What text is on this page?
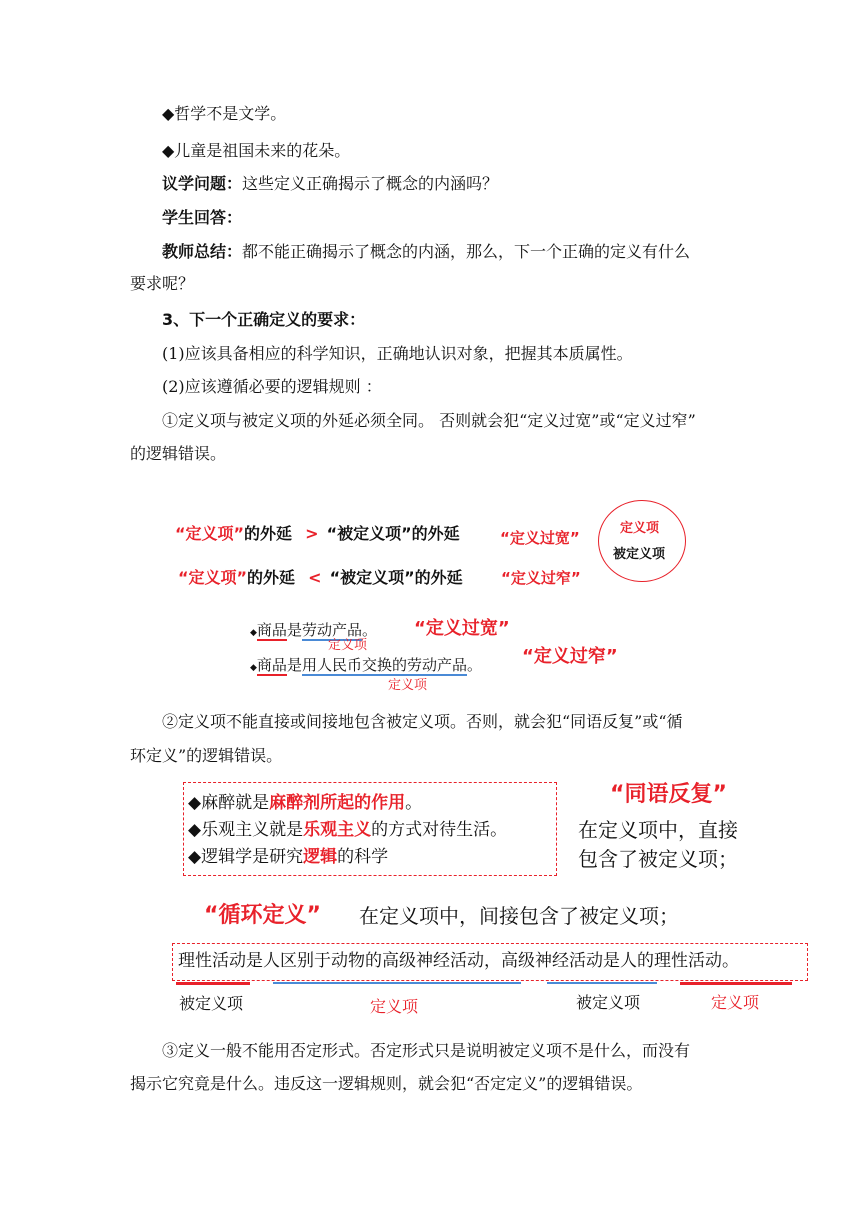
◆哲学不是文学。
◆儿童是祖国未来的花朵。
议学问题：这些定义正确揭示了概念的内涵吗？
学生回答：
教师总结：都不能正确揭示了概念的内涵，那么，下一个正确的定义有什么
要求呢？
3、下一个正确定义的要求：
(1)应该具备相应的科学知识，正确地认识对象，把握其本质属性。
(2)应该遵循必要的逻辑规则 ：
①定义项与被定义项的外延必须全同。 否则就会犯“定义过宽”或“定义过窄”
的逻辑错误。
“定义项”的外延 > “被定义项”的外延	“定义过宽”
“定义项”的外延 < “被定义项”的外延	“定义过窄”
定义项
被定义项
◆商品是劳动产品。
定义项
“定义过宽”
◆商品是用人民币交换的劳动产品。
定义项
“定义过窄”
②定义项不能直接或间接地包含被定义项。否则，就会犯“同语反复”或“循
环定义”的逻辑错误。
◆麻醉就是麻醉剂所起的作用。
◆乐观主义就是乐观主义的方式对待生活。
◆逻辑学是研究逻辑的科学
“同语反复”
在定义项中，直接
包含了被定义项；
“循环定义” 在定义项中，间接包含了被定义项；
理性活动是人区别于动物的高级神经活动，高级神经活动是人的理性活动。
被定义项	定义项	被定义项	定义项
③定义一般不能用否定形式。否定形式只是说明被定义项不是什么，而没有
揭示它究竟是什么。违反这一逻辑规则，就会犯“否定定义”的逻辑错误。
